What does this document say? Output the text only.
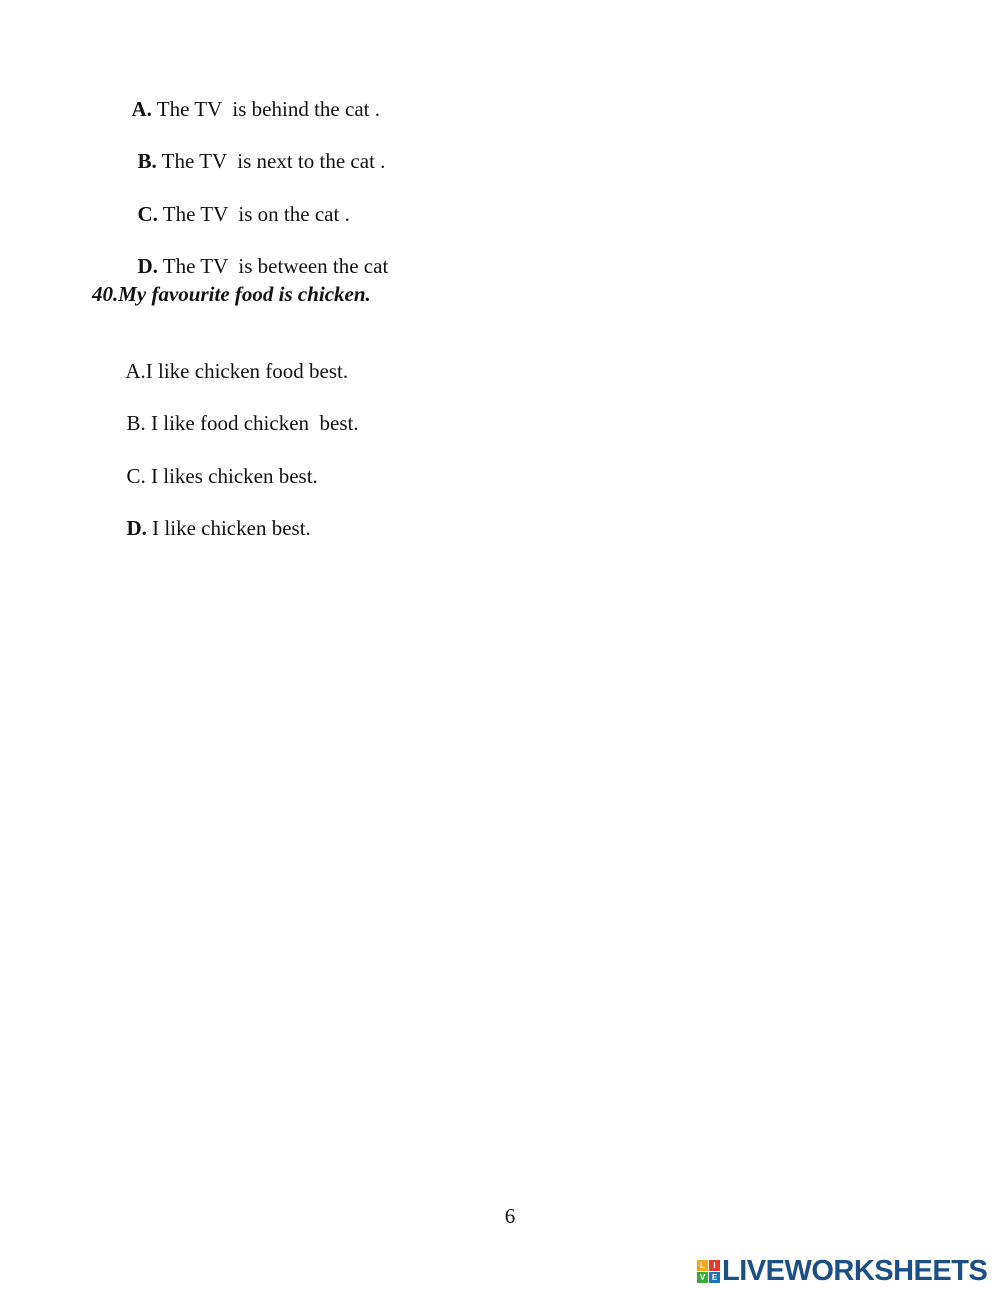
A. The TV  is behind the cat .

B. The TV  is next to the cat .

C. The TV  is on the cat .

D. The TV  is between the cat

40.My favourite food is chicken.

A.I like chicken food best.

B. I like food chicken  best.

C. I likes chicken best.

D. I like chicken best.

6
L	I
V E LIVEWORKSHEETS
